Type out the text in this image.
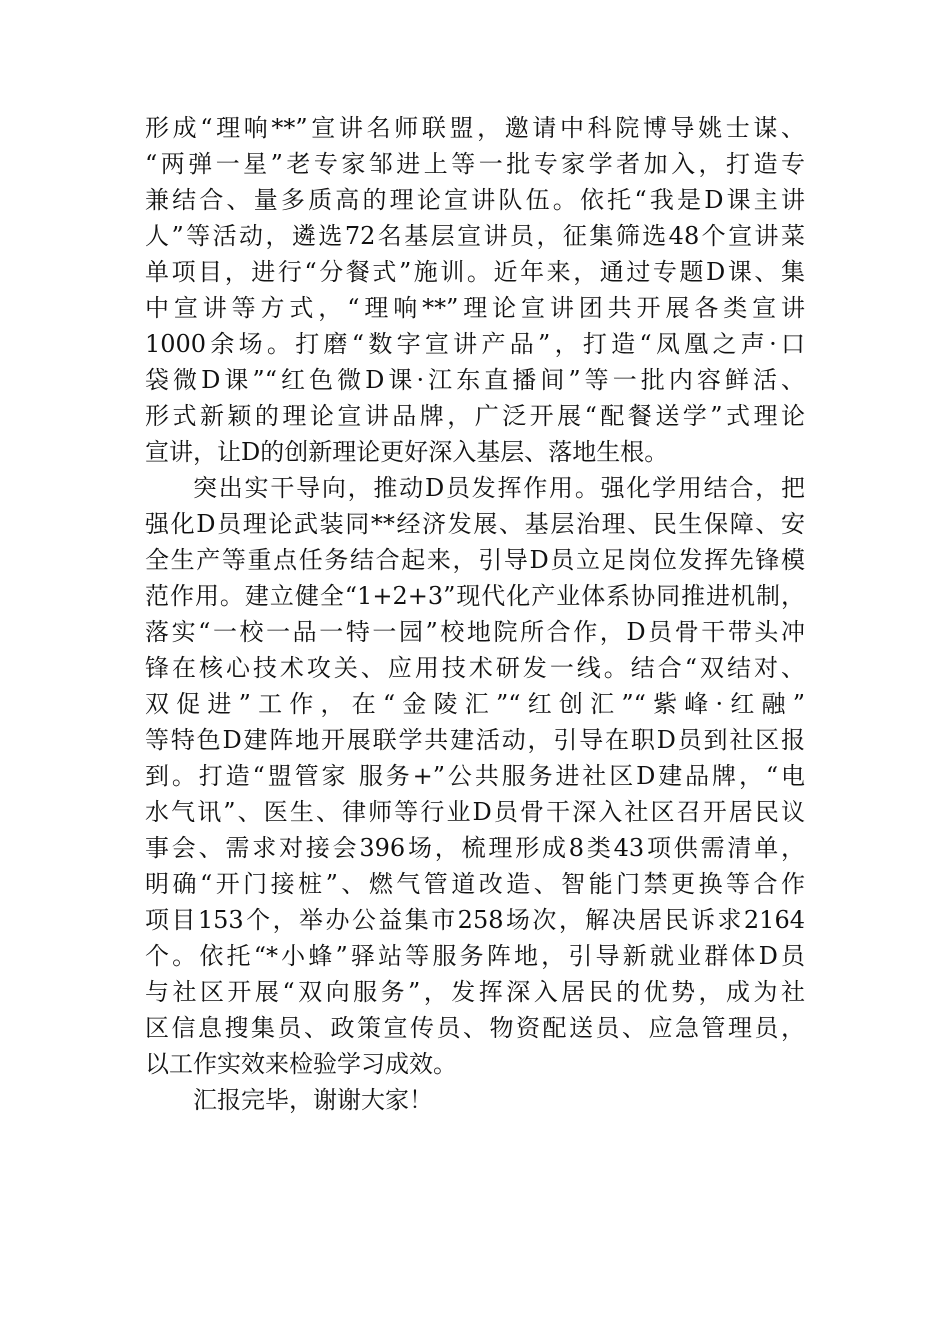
形成“理响**”宣讲名师联盟，邀请中科院博导姚士谋、
“两弹一星”老专家邹进上等一批专家学者加入，打造专
兼结合、量多质高的理论宣讲队伍。依托“我是D课主讲
人”等活动，遴选72名基层宣讲员，征集筛选48个宣讲菜
单项目，进行“分餐式”施训。近年来，通过专题D课、集
中宣讲等方式，“理响**”理论宣讲团共开展各类宣讲
1000余场。打磨“数字宣讲产品”，打造“凤凰之声·口
袋微D课”“红色微D课·江东直播间”等一批内容鲜活、
形式新颖的理论宣讲品牌，广泛开展“配餐送学”式理论
宣讲，让D的创新理论更好深入基层、落地生根。
突出实干导向，推动D员发挥作用。强化学用结合，把
强化D员理论武装同**经济发展、基层治理、民生保障、安
全生产等重点任务结合起来，引导D员立足岗位发挥先锋模
范作用。建立健全“1+2+3”现代化产业体系协同推进机制，
落实“一校一品一特一园”校地院所合作，D员骨干带头冲
锋在核心技术攻关、应用技术研发一线。结合“双结对、
双促进”工作，在“金陵汇”“红创汇”“紫峰·红融”
等特色D建阵地开展联学共建活动，引导在职D员到社区报
到。打造“盟管家 服务+”公共服务进社区D建品牌，“电
水气讯”、医生、律师等行业D员骨干深入社区召开居民议
事会、需求对接会396场，梳理形成8类43项供需清单，
明确“开门接桩”、燃气管道改造、智能门禁更换等合作
项目153个，举办公益集市258场次，解决居民诉求2164
个。依托“*小蜂”驿站等服务阵地，引导新就业群体D员
与社区开展“双向服务”，发挥深入居民的优势，成为社
区信息搜集员、政策宣传员、物资配送员、应急管理员，
以工作实效来检验学习成效。
汇报完毕，谢谢大家！
